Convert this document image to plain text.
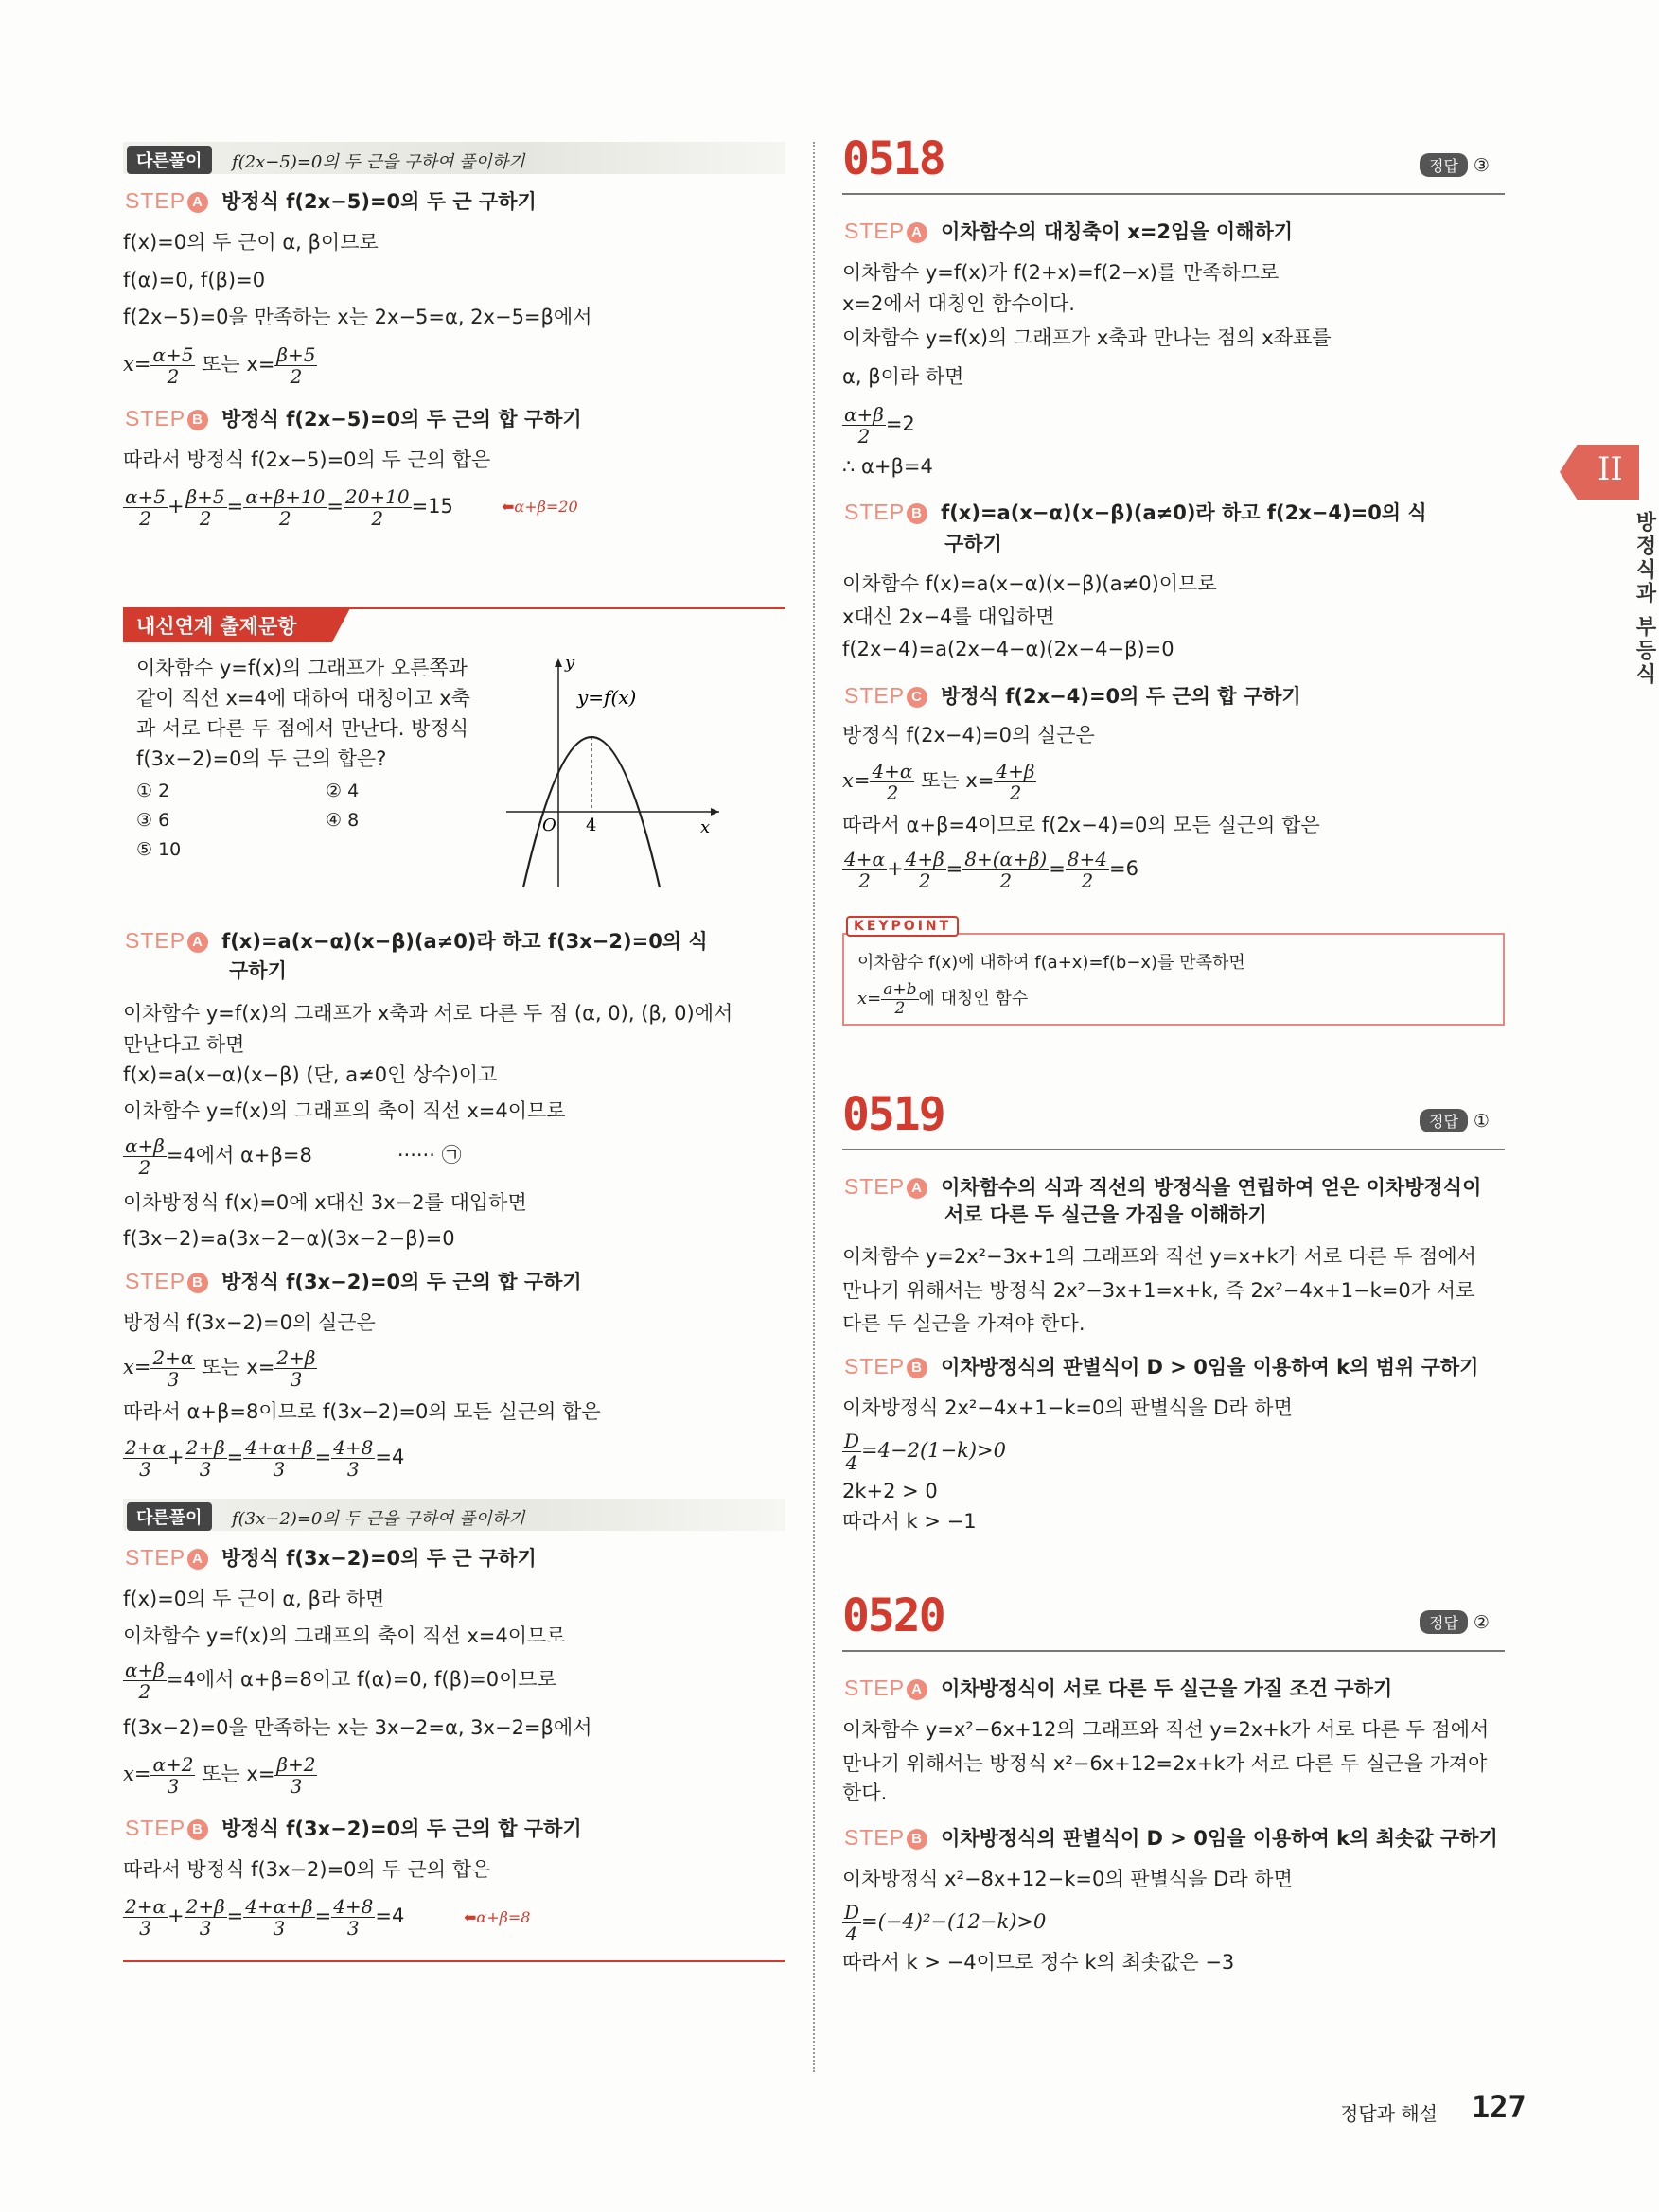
다른풀이	f(2x−5)=0의 두 근을 구하여 풀이하기
STEP A 방정식 f(2x−5)=0의 두 근 구하기
f(x)=0의 두 근이 α, β이므로
f(α)=0, f(β)=0
f(2x−5)=0을 만족하는 x는 2x−5=α, 2x−5=β에서
$x= \frac{\alpha+5}{2}$ 또는 $x= \frac{\beta+5}{2}$
STEP B 방정식 f(2x−5)=0의 두 근의 합 구하기
따라서 방정식 f(2x−5)=0의 두 근의 합은
$\frac{\alpha+5}{2} + \frac{\beta+5}{2} = \frac{\alpha+\beta+10}{2} = \frac{20+10}{2} =15$	⬅α+β=20
내신연계 출제문항
이차함수 y=f(x)의 그래프가 오른쪽과
같이 직선 x=4에 대하여 대칭이고 x축
과 서로 다른 두 점에서 만난다. 방정식
f(3x−2)=0의 두 근의 합은?
① 2	② 4
③ 6	④ 8
⑤ 10
y
y=f(x)
O 4	x
STEP A f(x)=a(x−α)(x−β)(a≠0)라 하고 f(3x−2)=0의 식
구하기
이차함수 y=f(x)의 그래프가 x축과 서로 다른 두 점 (α, 0), (β, 0)에서
만난다고 하면
f(x)=a(x−α)(x−β) (단, a≠0인 상수)이고
이차함수 y=f(x)의 그래프의 축이 직선 x=4이므로
$\frac{\alpha+\beta}{2} =4$에서 α+β=8	······ ㉠
이차방정식 f(x)=0에 x대신 3x−2를 대입하면
f(3x−2)=a(3x−2−α)(3x−2−β)=0
STEP B 방정식 f(3x−2)=0의 두 근의 합 구하기
방정식 f(3x−2)=0의 실근은
$x= \frac{2+\alpha}{3}$ 또는 $x= \frac{2+\beta}{3}$
따라서 α+β=8이므로 f(3x−2)=0의 모든 실근의 합은
$\frac{2+\alpha}{3} + \frac{2+\beta}{3} = \frac{4+\alpha+\beta}{3} = \frac{4+8}{3} =4$
다른풀이	f(3x−2)=0의 두 근을 구하여 풀이하기
STEP A 방정식 f(3x−2)=0의 두 근 구하기
f(x)=0의 두 근이 α, β라 하면
이차함수 y=f(x)의 그래프의 축이 직선 x=4이므로
$\frac{\alpha+\beta}{2} =4$에서 α+β=8이고 f(α)=0, f(β)=0이므로
f(3x−2)=0을 만족하는 x는 3x−2=α, 3x−2=β에서
$x= \frac{\alpha+2}{3}$ 또는 $x= \frac{\beta+2}{3}$
STEP B 방정식 f(3x−2)=0의 두 근의 합 구하기
따라서 방정식 f(3x−2)=0의 두 근의 합은
$\frac{2+\alpha}{3} + \frac{2+\beta}{3} = \frac{4+\alpha+\beta}{3} = \frac{4+8}{3} =4$	⬅α+β=8
0518	정답 ③
STEP A 이차함수의 대칭축이 x=2임을 이해하기
이차함수 y=f(x)가 f(2+x)=f(2−x)를 만족하므로
x=2에서 대칭인 함수이다.
이차함수 y=f(x)의 그래프가 x축과 만나는 점의 x좌표를
α, β이라 하면
$\frac{\alpha+\beta}{2} =2$
∴ α+β=4
STEP B f(x)=a(x−α)(x−β)(a≠0)라 하고 f(2x−4)=0의 식
구하기
이차함수 f(x)=a(x−α)(x−β)(a≠0)이므로
x대신 2x−4를 대입하면
f(2x−4)=a(2x−4−α)(2x−4−β)=0
STEP C 방정식 f(2x−4)=0의 두 근의 합 구하기
방정식 f(2x−4)=0의 실근은
$x= \frac{4+\alpha}{2}$ 또는 $x= \frac{4+\beta}{2}$
따라서 α+β=4이므로 f(2x−4)=0의 모든 실근의 합은
$\frac{4+\alpha}{2} + \frac{4+\beta}{2} = \frac{8+(\alpha+\beta)}{2} = \frac{8+4}{2} =6$
KEYPOINT
이차함수 f(x)에 대하여 f(a+x)=f(b−x)를 만족하면
$x= \frac{a+b}{2}$ 에 대칭인 함수
0519	정답 ①
STEP A 이차함수의 식과 직선의 방정식을 연립하여 얻은 이차방정식이
서로 다른 두 실근을 가짐을 이해하기
이차함수 y=2x²−3x+1의 그래프와 직선 y=x+k가 서로 다른 두 점에서
만나기 위해서는 방정식 2x²−3x+1=x+k, 즉 2x²−4x+1−k=0가 서로
다른 두 실근을 가져야 한다.
STEP B 이차방정식의 판별식이 D > 0임을 이용하여 k의 범위 구하기
이차방정식 2x²−4x+1−k=0의 판별식을 D라 하면
$\frac{D}{4} =4-2(1-k)>0$
2k+2 > 0
따라서 k > −1
0520	정답 ②
STEP A 이차방정식이 서로 다른 두 실근을 가질 조건 구하기
이차함수 y=x²−6x+12의 그래프와 직선 y=2x+k가 서로 다른 두 점에서
만나기 위해서는 방정식 x²−6x+12=2x+k가 서로 다른 두 실근을 가져야
한다.
STEP B 이차방정식의 판별식이 D > 0임을 이용하여 k의 최솟값 구하기
이차방정식 x²−8x+12−k=0의 판별식을 D라 하면
$\frac{D}{4} =(-4)^2-(12-k)>0$
따라서 k > −4이므로 정수 k의 최솟값은 −3
II
방정식과 부등식
정답과 해설 127
